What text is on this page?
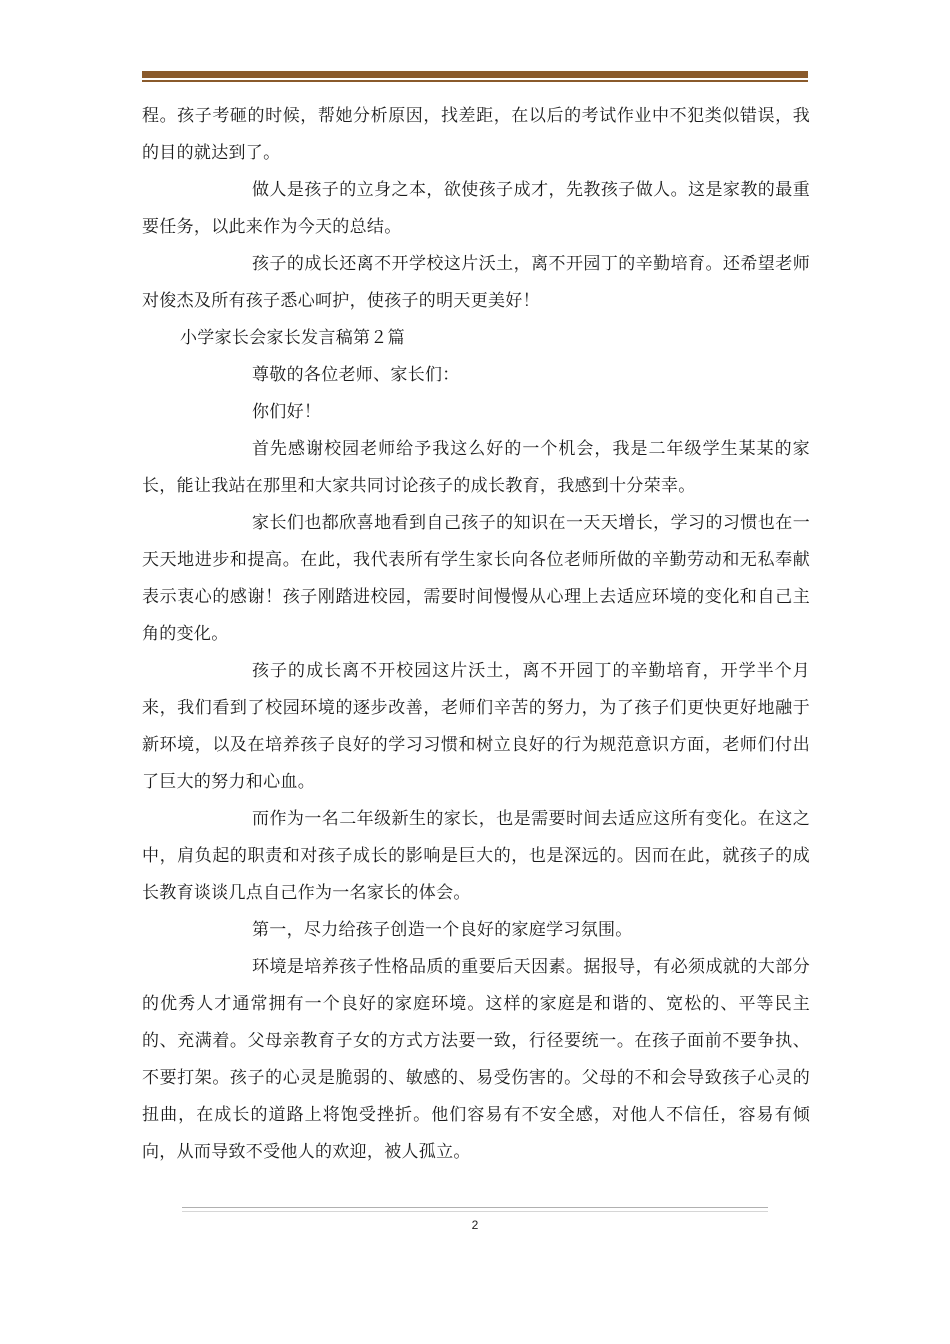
程。孩子考砸的时候，帮她分析原因，找差距，在以后的考试作业中不犯类似错误，我的目的就达到了。

做人是孩子的立身之本，欲使孩子成才，先教孩子做人。这是家教的最重要任务，以此来作为今天的总结。

孩子的成长还离不开学校这片沃土，离不开园丁的辛勤培育。还希望老师对俊杰及所有孩子悉心呵护，使孩子的明天更美好！

小学家长会家长发言稿第２篇

尊敬的各位老师、家长们：

你们好！

首先感谢校园老师给予我这么好的一个机会，我是二年级学生某某的家长，能让我站在那里和大家共同讨论孩子的成长教育，我感到十分荣幸。

家长们也都欣喜地看到自己孩子的知识在一天天增长，学习的习惯也在一天天地进步和提高。在此，我代表所有学生家长向各位老师所做的辛勤劳动和无私奉献表示衷心的感谢！孩子刚踏进校园，需要时间慢慢从心理上去适应环境的变化和自己主角的变化。

孩子的成长离不开校园这片沃土，离不开园丁的辛勤培育，开学半个月来，我们看到了校园环境的逐步改善，老师们辛苦的努力，为了孩子们更快更好地融于新环境，以及在培养孩子良好的学习习惯和树立良好的行为规范意识方面，老师们付出了巨大的努力和心血。

而作为一名二年级新生的家长，也是需要时间去适应这所有变化。在这之中，肩负起的职责和对孩子成长的影响是巨大的，也是深远的。因而在此，就孩子的成长教育谈谈几点自己作为一名家长的体会。

第一，尽力给孩子创造一个良好的家庭学习氛围。

环境是培养孩子性格品质的重要后天因素。据报导，有必须成就的大部分的优秀人才通常拥有一个良好的家庭环境。这样的家庭是和谐的、宽松的、平等民主的、充满着。父母亲教育子女的方式方法要一致，行径要统一。在孩子面前不要争执、不要打架。孩子的心灵是脆弱的、敏感的、易受伤害的。父母的不和会导致孩子心灵的扭曲，在成长的道路上将饱受挫折。他们容易有不安全感，对他人不信任，容易有倾向，从而导致不受他人的欢迎，被人孤立。

2
